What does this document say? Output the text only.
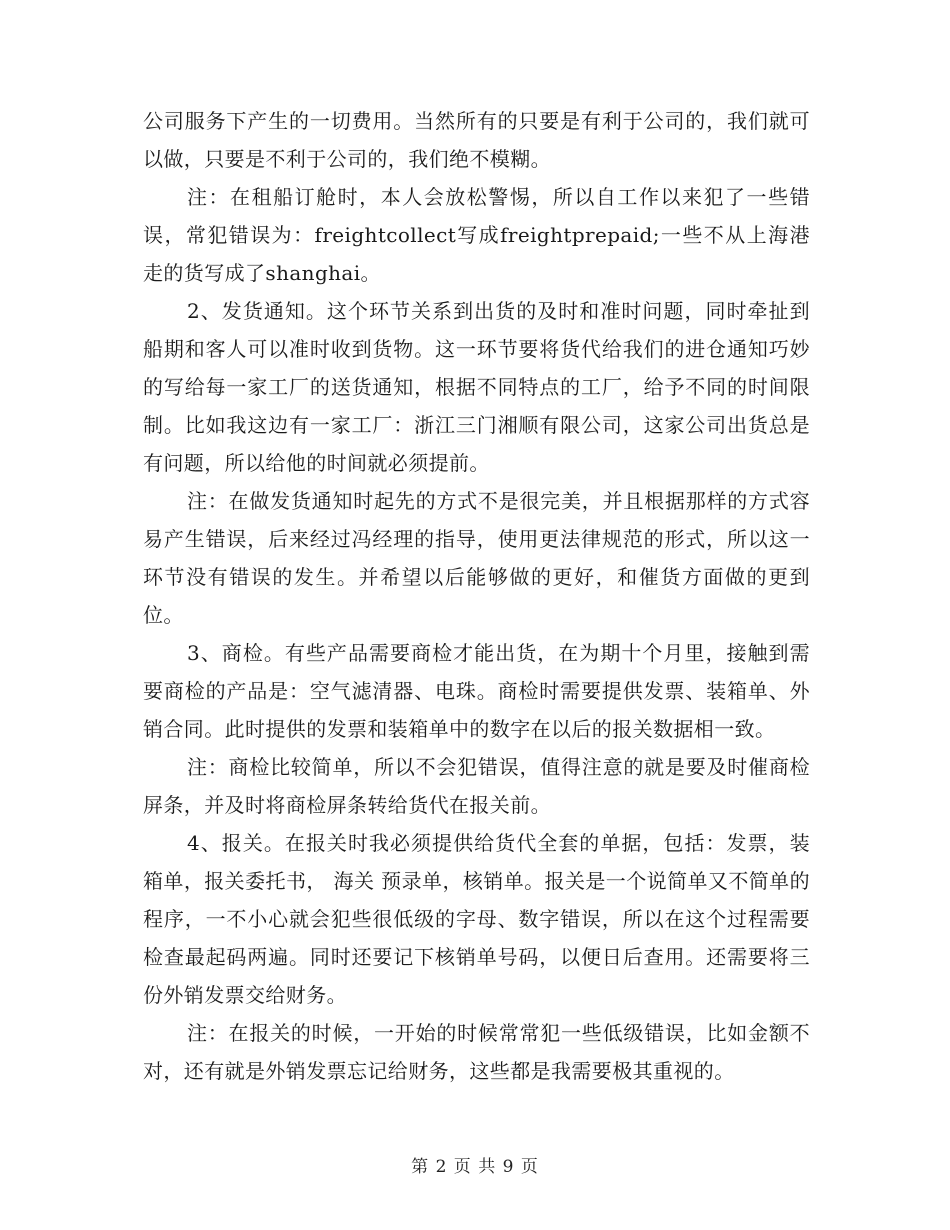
公司服务下产生的一切费用。当然所有的只要是有利于公司的，我们就可以做，只要是不利于公司的，我们绝不模糊。

注：在租船订舱时，本人会放松警惕，所以自工作以来犯了一些错误，常犯错误为：freightcollect写成freightprepaid;一些不从上海港走的货写成了shanghai。

2、发货通知。这个环节关系到出货的及时和准时问题，同时牵扯到船期和客人可以准时收到货物。这一环节要将货代给我们的进仓通知巧妙的写给每一家工厂的送货通知，根据不同特点的工厂，给予不同的时间限制。比如我这边有一家工厂：浙江三门湘顺有限公司，这家公司出货总是有问题，所以给他的时间就必须提前。

注：在做发货通知时起先的方式不是很完美，并且根据那样的方式容易产生错误，后来经过冯经理的指导，使用更法律规范的形式，所以这一环节没有错误的发生。并希望以后能够做的更好，和催货方面做的更到位。

3、商检。有些产品需要商检才能出货，在为期十个月里，接触到需要商检的产品是：空气滤清器、电珠。商检时需要提供发票、装箱单、外销合同。此时提供的发票和装箱单中的数字在以后的报关数据相一致。

注：商检比较简单，所以不会犯错误，值得注意的就是要及时催商检屏条，并及时将商检屏条转给货代在报关前。

4、报关。在报关时我必须提供给货代全套的单据，包括：发票，装箱单，报关委托书， 海关 预录单，核销单。报关是一个说简单又不简单的程序，一不小心就会犯些很低级的字母、数字错误，所以在这个过程需要检查最起码两遍。同时还要记下核销单号码，以便日后查用。还需要将三份外销发票交给财务。

注：在报关的时候，一开始的时候常常犯一些低级错误，比如金额不对，还有就是外销发票忘记给财务，这些都是我需要极其重视的。

第 2 页 共 9 页
